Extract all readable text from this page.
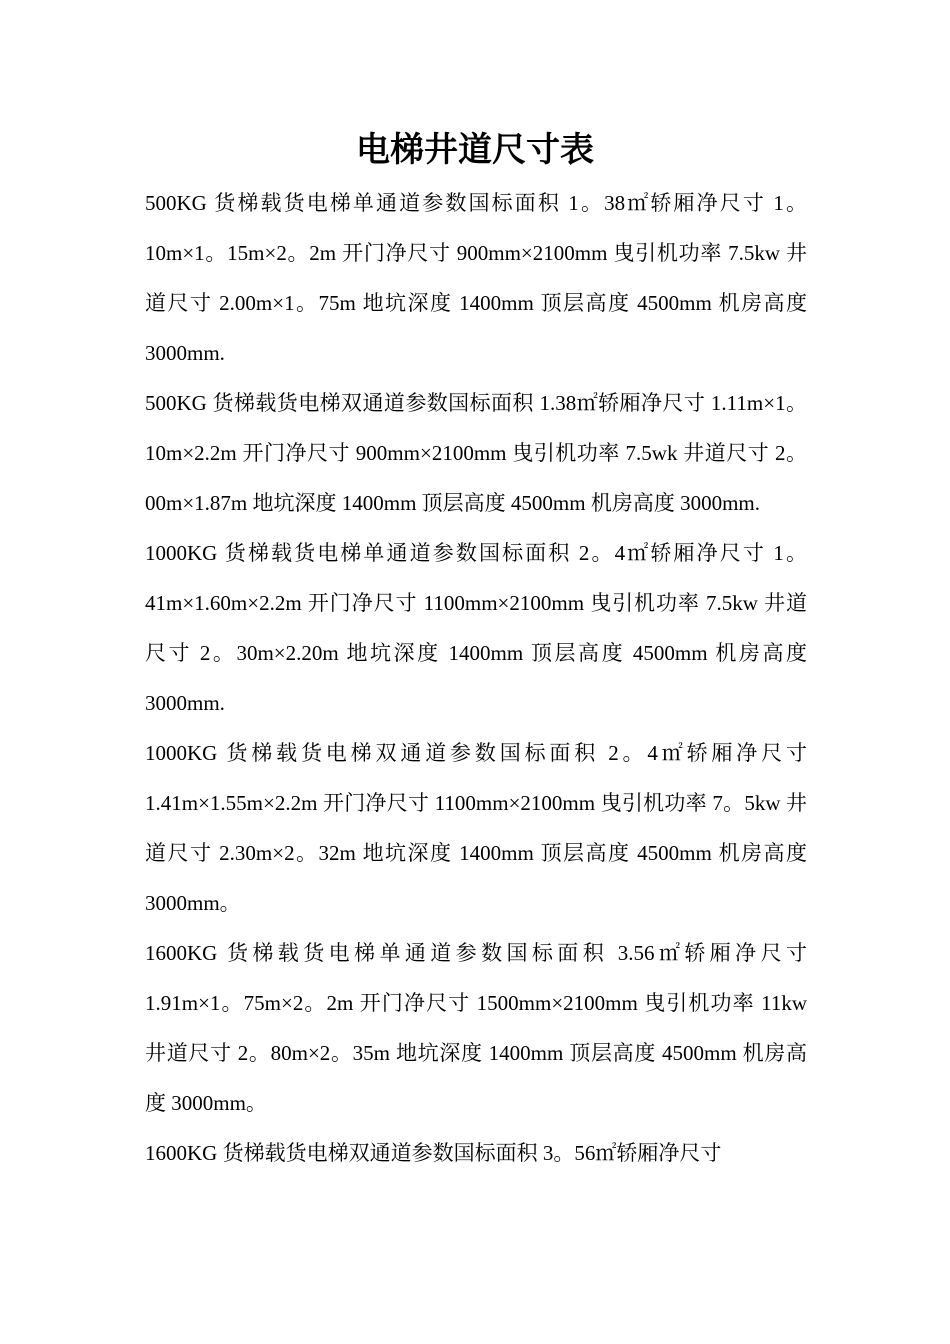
电梯井道尺寸表

500KG 货梯载货电梯单通道参数国标面积 1。38㎡轿厢净尺寸 1。10m×1。15m×2。2m 开门净尺寸 900mm×2100mm 曳引机功率 7.5kw 井道尺寸 2.00m×1。75m 地坑深度 1400mm 顶层高度 4500mm 机房高度 3000mm.

500KG 货梯载货电梯双通道参数国标面积 1.38㎡轿厢净尺寸 1.11m×1。10m×2.2m 开门净尺寸 900mm×2100mm 曳引机功率 7.5wk 井道尺寸 2。00m×1.87m 地坑深度 1400mm 顶层高度 4500mm 机房高度 3000mm.

1000KG 货梯载货电梯单通道参数国标面积 2。4㎡轿厢净尺寸 1。41m×1.60m×2.2m 开门净尺寸 1100mm×2100mm 曳引机功率 7.5kw 井道尺寸 2。30m×2.20m 地坑深度 1400mm 顶层高度 4500mm 机房高度 3000mm.

1000KG 货梯载货电梯双通道参数国标面积 2。4㎡轿厢净尺寸 1.41m×1.55m×2.2m 开门净尺寸 1100mm×2100mm 曳引机功率 7。5kw 井道尺寸 2.30m×2。32m 地坑深度 1400mm 顶层高度 4500mm 机房高度 3000mm。

1600KG 货梯载货电梯单通道参数国标面积 3.56㎡轿厢净尺寸 1.91m×1。75m×2。2m 开门净尺寸 1500mm×2100mm 曳引机功率 11kw 井道尺寸 2。80m×2。35m 地坑深度 1400mm 顶层高度 4500mm 机房高度 3000mm。

1600KG 货梯载货电梯双通道参数国标面积 3。56㎡轿厢净尺寸
